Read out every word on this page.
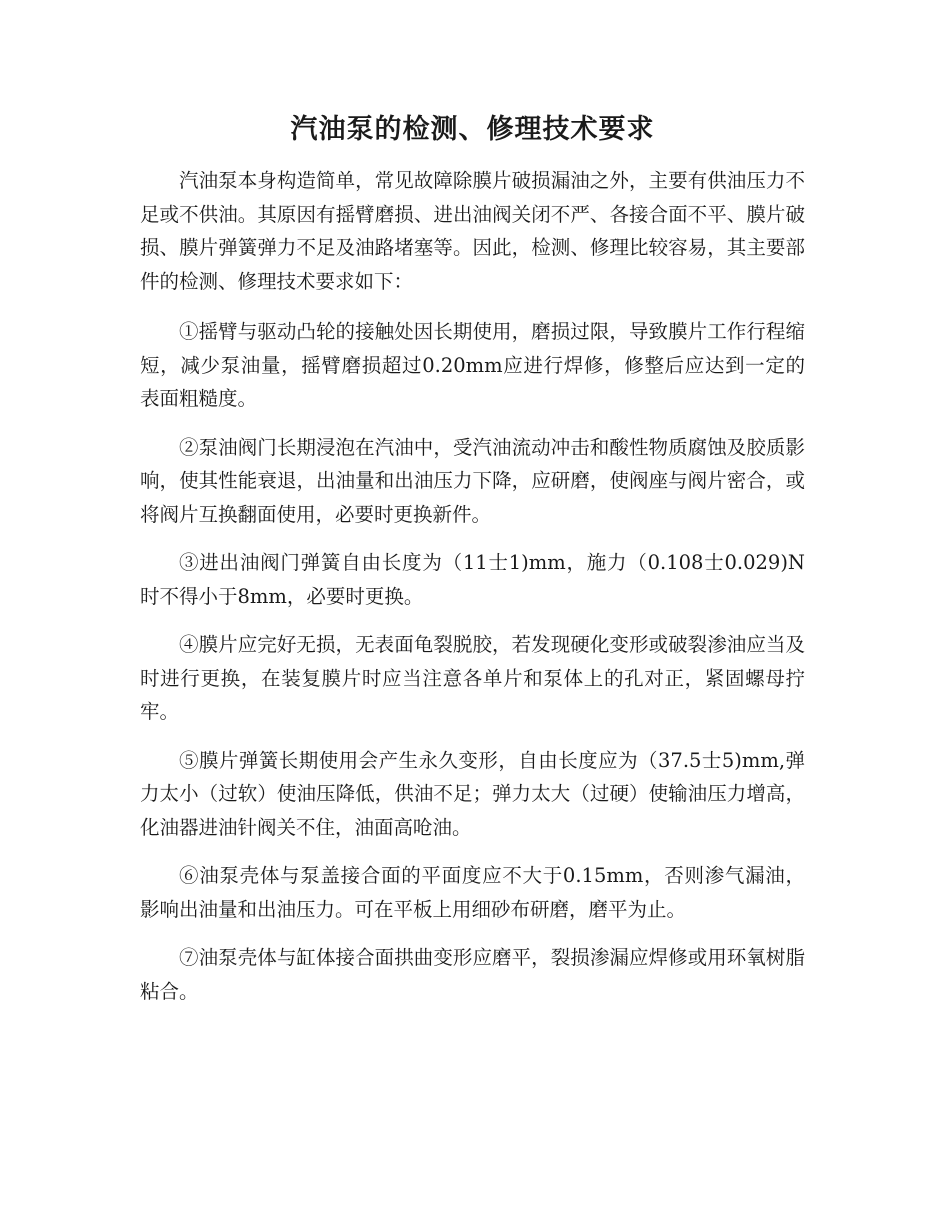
汽油泵的检测、修理技术要求

汽油泵本身构造简单，常见故障除膜片破损漏油之外，主要有供油压力不足或不供油。其原因有摇臂磨损、进出油阀关闭不严、各接合面不平、膜片破损、膜片弹簧弹力不足及油路堵塞等。因此，检测、修理比较容易，其主要部件的检测、修理技术要求如下：

①摇臂与驱动凸轮的接触处因长期使用，磨损过限，导致膜片工作行程缩短，减少泵油量，摇臂磨损超过0.20mm应进行焊修，修整后应达到一定的表面粗糙度。

②泵油阀门长期浸泡在汽油中，受汽油流动冲击和酸性物质腐蚀及胶质影响，使其性能衰退，出油量和出油压力下降，应研磨，使阀座与阀片密合，或将阀片互换翻面使用，必要时更换新件。

③进出油阀门弹簧自由长度为（11士1)mm，施力（0.108士0.029)N时不得小于8mm，必要时更换。

④膜片应完好无损，无表面龟裂脱胶，若发现硬化变形或破裂渗油应当及时进行更换，在装复膜片时应当注意各单片和泵体上的孔对正，紧固螺母拧牢。

⑤膜片弹簧长期使用会产生永久变形，自由长度应为（37.5士5)mm,弹力太小（过软）使油压降低，供油不足；弹力太大（过硬）使输油压力增高，化油器进油针阀关不住，油面高呛油。

⑥油泵壳体与泵盖接合面的平面度应不大于0.15mm，否则渗气漏油，影响出油量和出油压力。可在平板上用细砂布研磨，磨平为止。

⑦油泵壳体与缸体接合面拱曲变形应磨平，裂损渗漏应焊修或用环氧树脂粘合。
